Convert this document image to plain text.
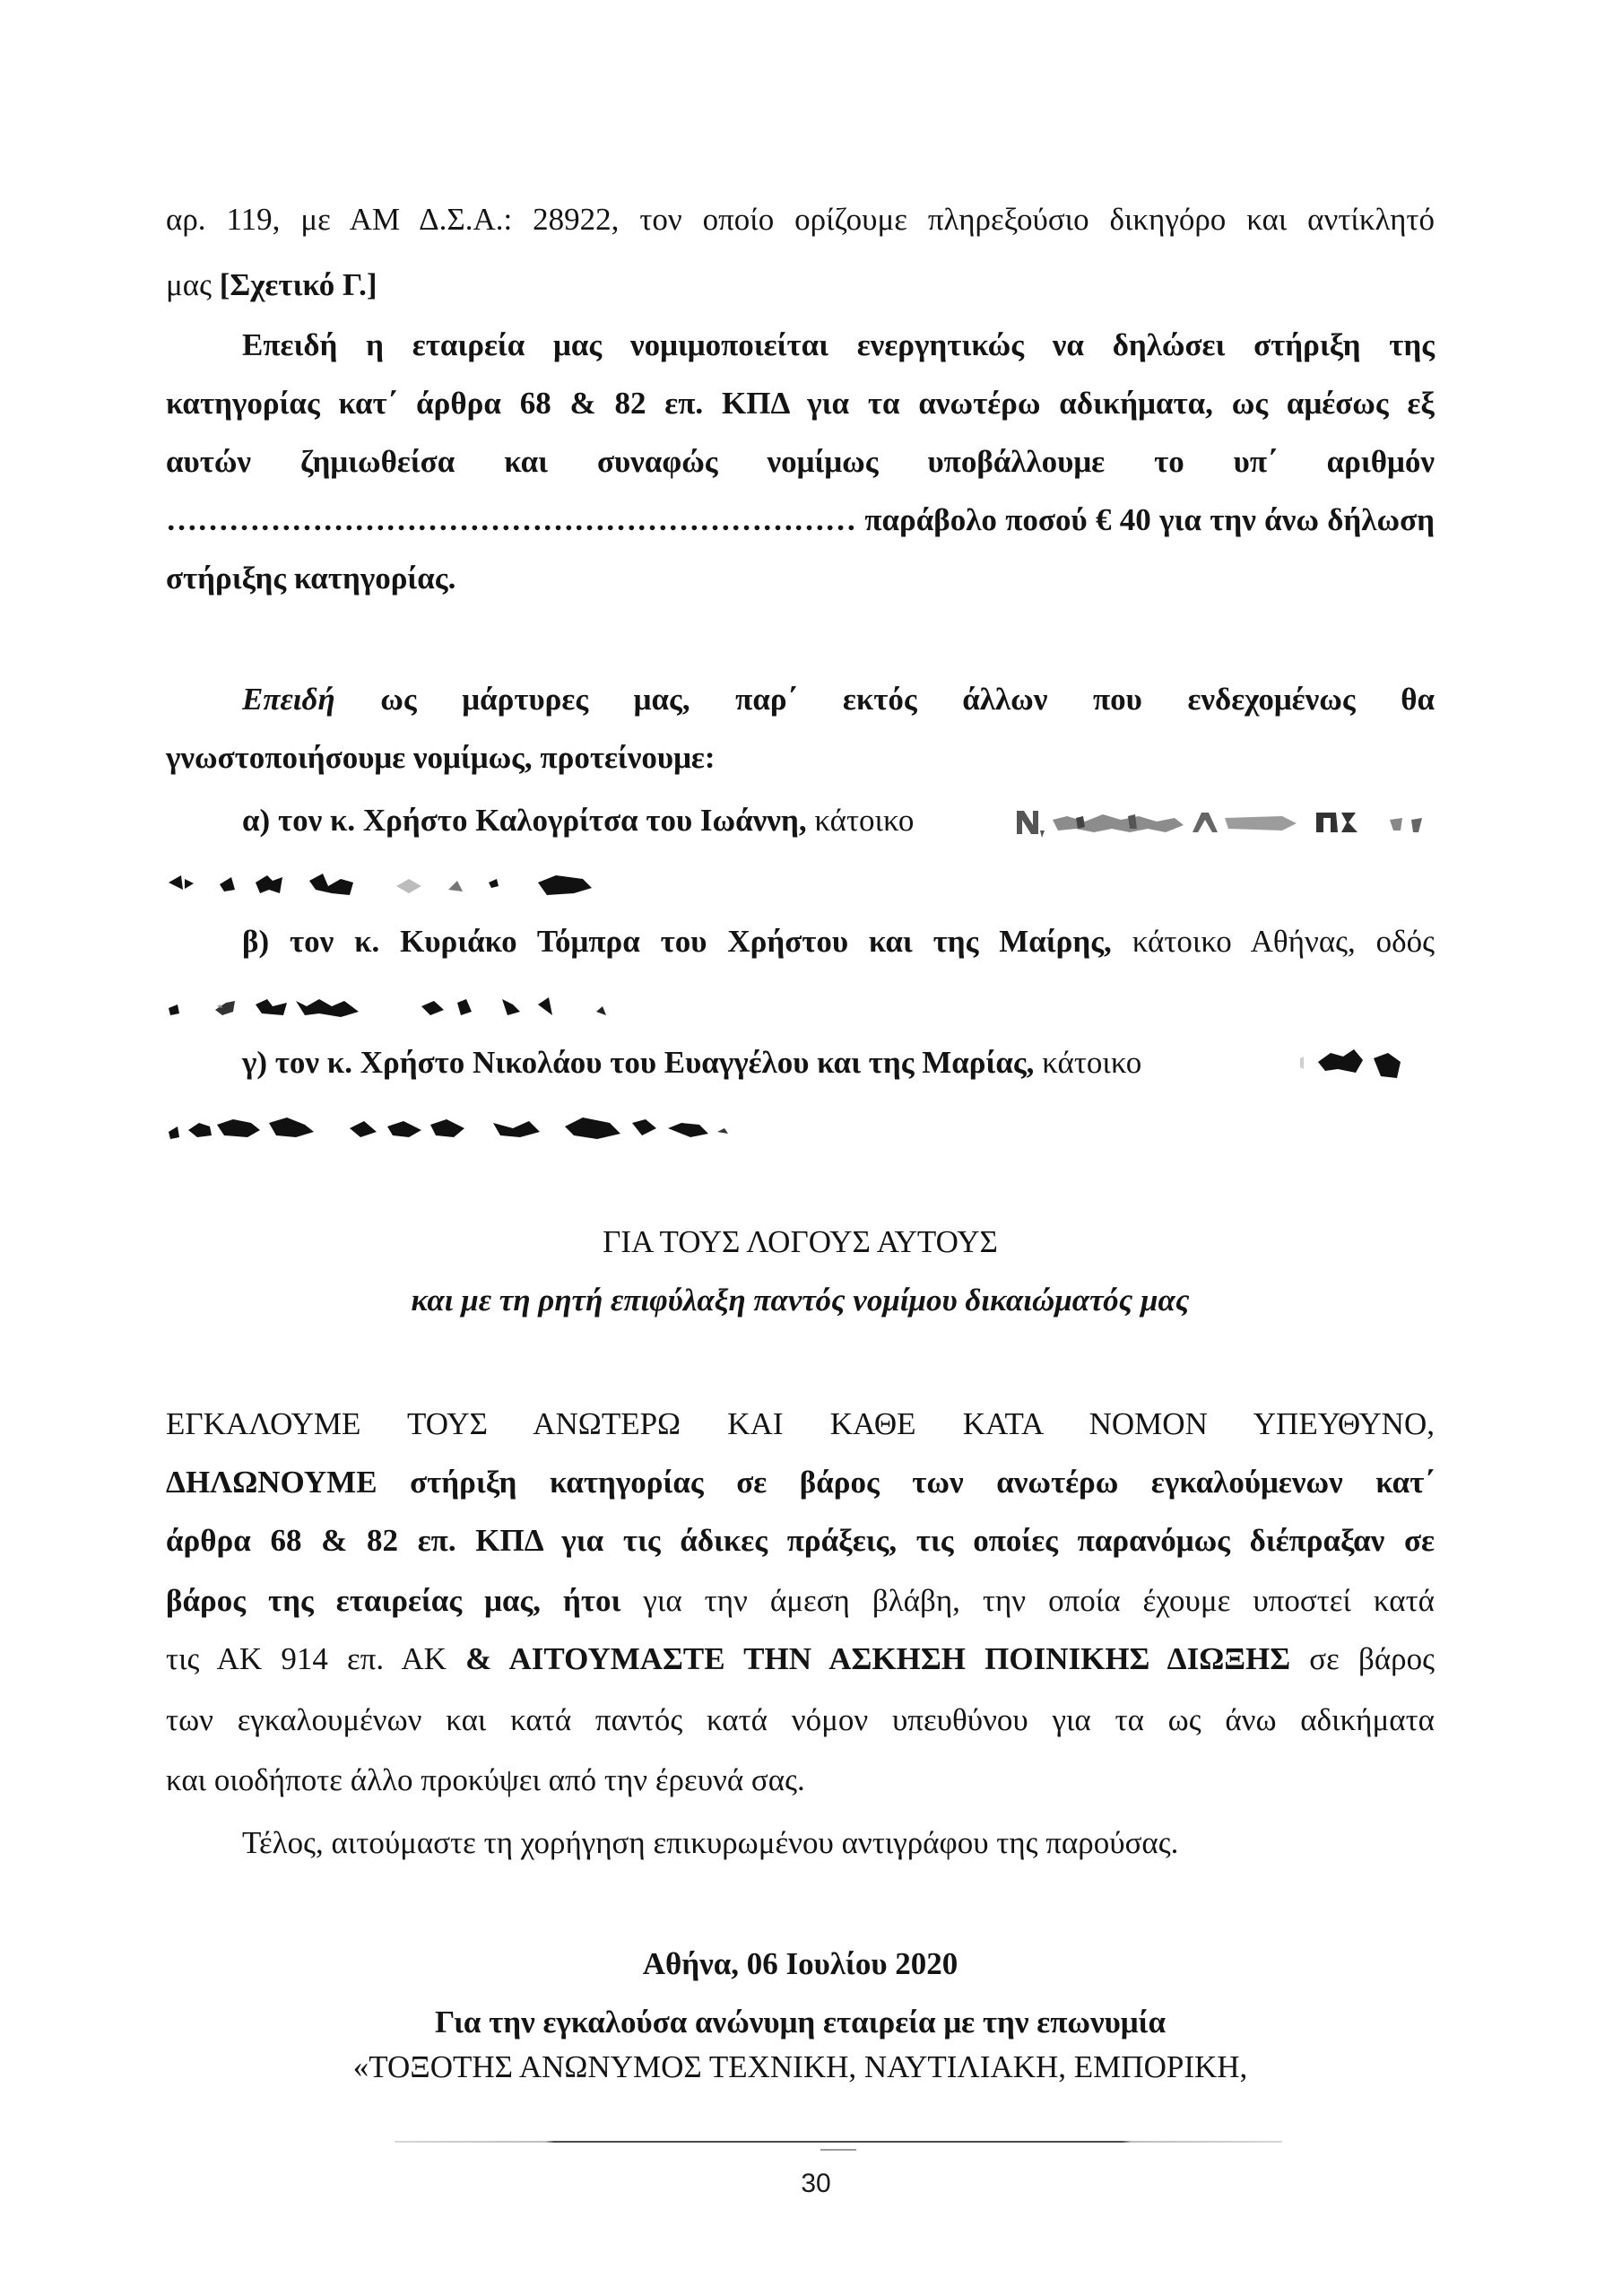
αρ. 119, με ΑΜ Δ.Σ.Α.: 28922, τον οποίο ορίζουμε πληρεξούσιο δικηγόρο και αντίκλητό
μας [Σχετικό Γ.]
Επειδή η εταιρεία μας νομιμοποιείται ενεργητικώς να δηλώσει στήριξη της
κατηγορίας κατ΄ άρθρα 68 & 82 επ. ΚΠΔ για τα ανωτέρω αδικήματα, ως αμέσως εξ
αυτών ζημιωθείσα και συναφώς νομίμως υποβάλλουμε το υπ΄ αριθμόν
………………………………………………………… παράβολο ποσού € 40 για την άνω δήλωση
στήριξης κατηγορίας.
Επειδή ως μάρτυρες μας, παρ΄ εκτός άλλων που ενδεχομένως θα
γνωστοποιήσουμε νομίμως, προτείνουμε:
α) τον κ. Χρήστο Καλογρίτσα του Ιωάννη, κάτοικο
β) τον κ. Κυριάκο Τόμπρα του Χρήστου και της Μαίρης, κάτοικο Αθήνας, οδός
γ) τον κ. Χρήστο Νικολάου του Ευαγγέλου και της Μαρίας, κάτοικο
ΓΙΑ ΤΟΥΣ ΛΟΓΟΥΣ ΑΥΤΟΥΣ
και με τη ρητή επιφύλαξη παντός νομίμου δικαιώματός μας
ΕΓΚΑΛΟΥΜΕ ΤΟΥΣ ΑΝΩΤΕΡΩ ΚΑΙ ΚΑΘΕ ΚΑΤΑ ΝΟΜΟΝ ΥΠΕΥΘΥΝΟ,
ΔΗΛΩΝΟΥΜΕ στήριξη κατηγορίας σε βάρος των ανωτέρω εγκαλούμενων κατ΄
άρθρα 68 & 82 επ. ΚΠΔ για τις άδικες πράξεις, τις οποίες παρανόμως διέπραξαν σε
βάρος της εταιρείας μας, ήτοι για την άμεση βλάβη, την οποία έχουμε υποστεί κατά
τις ΑΚ 914 επ. ΑΚ & ΑΙΤΟΥΜΑΣΤΕ ΤΗΝ ΑΣΚΗΣΗ ΠΟΙΝΙΚΗΣ ΔΙΩΞΗΣ σε βάρος
των εγκαλουμένων και κατά παντός κατά νόμον υπευθύνου για τα ως άνω αδικήματα
και οιοδήποτε άλλο προκύψει από την έρευνά σας.
Τέλος, αιτούμαστε τη χορήγηση επικυρωμένου αντιγράφου της παρούσας.
Αθήνα, 06 Ιουλίου 2020
Για την εγκαλούσα ανώνυμη εταιρεία με την επωνυμία
«ΤΟΞΟΤΗΣ ΑΝΩΝΥΜΟΣ ΤΕΧΝΙΚΗ, ΝΑΥΤΙΛΙΑΚΗ, ΕΜΠΟΡΙΚΗ,
30
